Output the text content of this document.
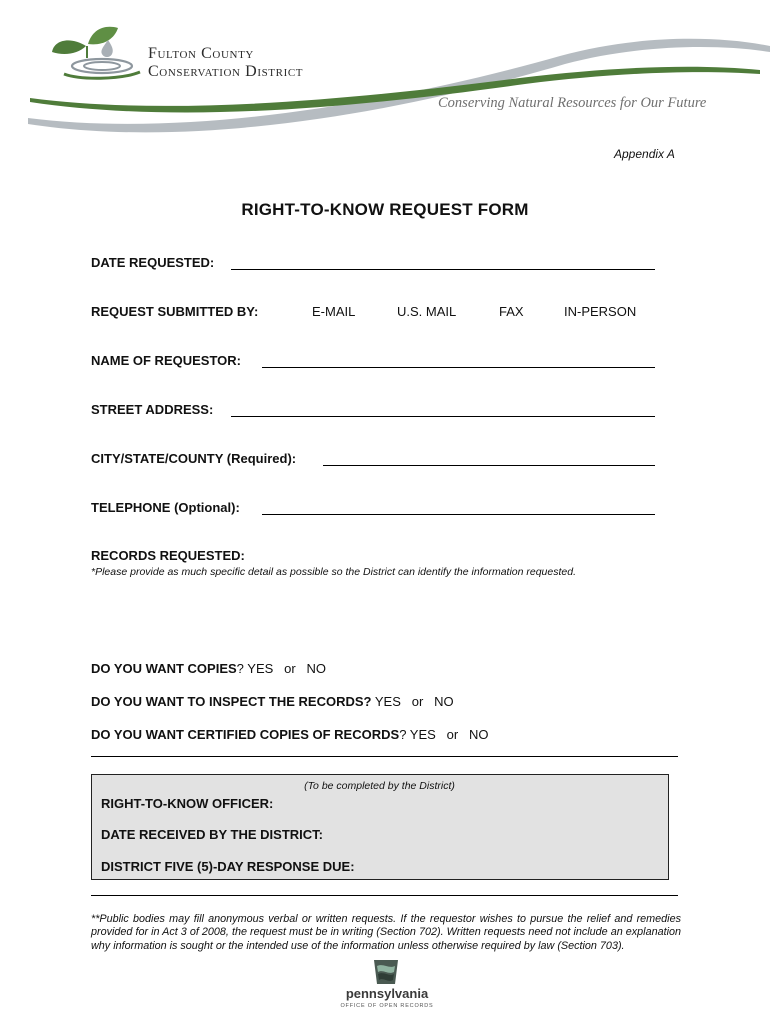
Fulton County
Conservation District
Conserving Natural Resources for Our Future
Appendix A
RIGHT-TO-KNOW REQUEST FORM
DATE REQUESTED:
REQUEST SUBMITTED BY:	E-MAIL	U.S. MAIL	FAX	IN-PERSON
NAME OF REQUESTOR:
STREET ADDRESS:
CITY/STATE/COUNTY (Required):
TELEPHONE (Optional):
RECORDS REQUESTED:
*Please provide as much specific detail as possible so the District can identify the information requested.
DO YOU WANT COPIES? YES   or   NO
DO YOU WANT TO INSPECT THE RECORDS? YES   or   NO
DO YOU WANT CERTIFIED COPIES OF RECORDS? YES   or   NO
(To be completed by the District)
RIGHT-TO-KNOW OFFICER:
DATE RECEIVED BY THE DISTRICT:
DISTRICT FIVE (5)-DAY RESPONSE DUE:
**Public bodies may fill anonymous verbal or written requests. If the requestor wishes to pursue the relief and remedies provided for in Act 3 of 2008, the request must be in writing (Section 702). Written requests need not include an explanation why information is sought or the intended use of the information unless otherwise required by law (Section 703).
pennsylvania
OFFICE OF OPEN RECORDS
